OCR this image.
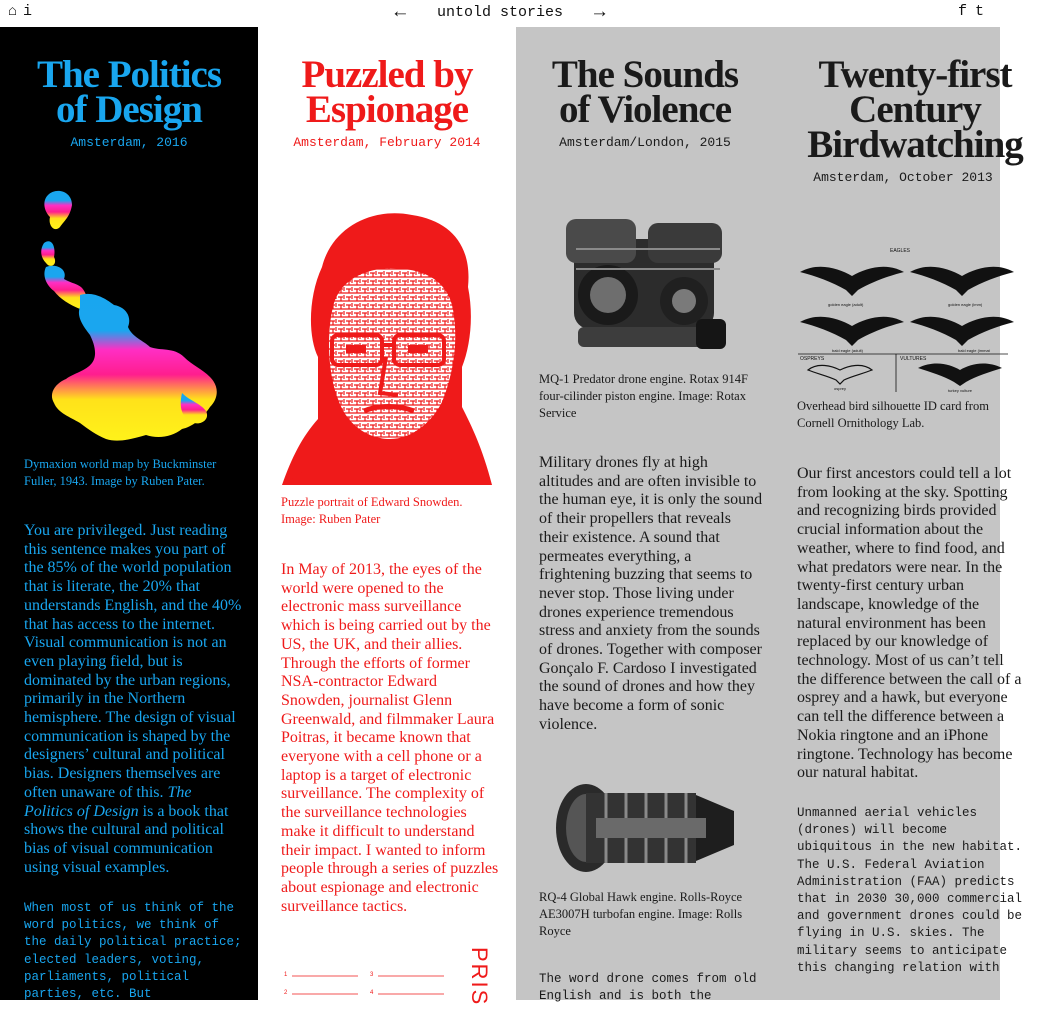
⌂i	← untold stories →	ft
The Politics
of Design
Amsterdam, 2016
Dymaxion world map by Buckminster Fuller, 1943. Image by Ruben Pater.
You are privileged. Just reading this sentence makes you part of the 85% of the world population that is literate, the 20% that understands English, and the 40% that has access to the internet. Visual communication is not an even playing field, but is dominated by the urban regions, primarily in the Northern hemisphere. The design of visual communication is shaped by the designers’ cultural and political bias. Designers themselves are often unaware of this. The Politics of Design is a book that shows the cultural and political bias of visual communication using visual examples.
When most of us think of the word politics, we think of the daily political practice; elected leaders, voting, parliaments, political parties, etc. But
Puzzled by
Espionage
Amsterdam, February 2014
Puzzle portrait of Edward Snowden. Image: Ruben Pater
In May of 2013, the eyes of the world were opened to the electronic mass surveillance which is being carried out by the US, the UK, and their allies. Through the efforts of former NSA-contractor Edward Snowden, journalist Glenn Greenwald, and filmmaker Laura Poitras, it became known that everyone with a cell phone or a laptop is a target of electronic surveillance. The complexity of the surveillance technologies make it difficult to understand their impact. I wanted to inform people through a series of puzzles about espionage and electronic surveillance tactics.
1	3
2	4	PRIS
The Sounds
of Violence
Amsterdam/London, 2015
MQ-1 Predator drone engine. Rotax 914F four-cilinder piston engine. Image: Rotax Service
Military drones fly at high altitudes and are often invisible to the human eye, it is only the sound of their propellers that reveals their existence. A sound that permeates everything, a frightening buzzing that seems to never stop. Those living under drones experience tremendous stress and anxiety from the sounds of drones. Together with composer Gonçalo F. Cardoso I investigated the sound of drones and how they have become a form of sonic violence.
RQ-4 Global Hawk engine. Rolls-Royce AE3007H turbofan engine. Image: Rolls Royce
The word drone comes from old English and is both the
Twenty-first
Century
Birdwatching
Amsterdam, October 2013
EAGLES
OSPREYS	VULTURES
golden eagle (adult)	golden eagle (imm)
bald eagle (adult)	bald eagle (immat
osprey	turkey vulture
Overhead bird silhouette ID card from Cornell Ornithology Lab.
Our first ancestors could tell a lot from looking at the sky. Spotting and recognizing birds provided crucial information about the weather, where to find food, and what predators were near. In the twenty-first century urban landscape, knowledge of the natural environment has been replaced by our knowledge of technology. Most of us can’t tell the difference between the call of a osprey and a hawk, but everyone can tell the difference between a Nokia ringtone and an iPhone ringtone. Technology has become our natural habitat.
Unmanned aerial vehicles (drones) will become ubiquitous in the new habitat. The U.S. Federal Aviation Administration (FAA) predicts that in 2030 30,000 commercial and government drones could be flying in U.S. skies. The military seems to anticipate this changing relation with
